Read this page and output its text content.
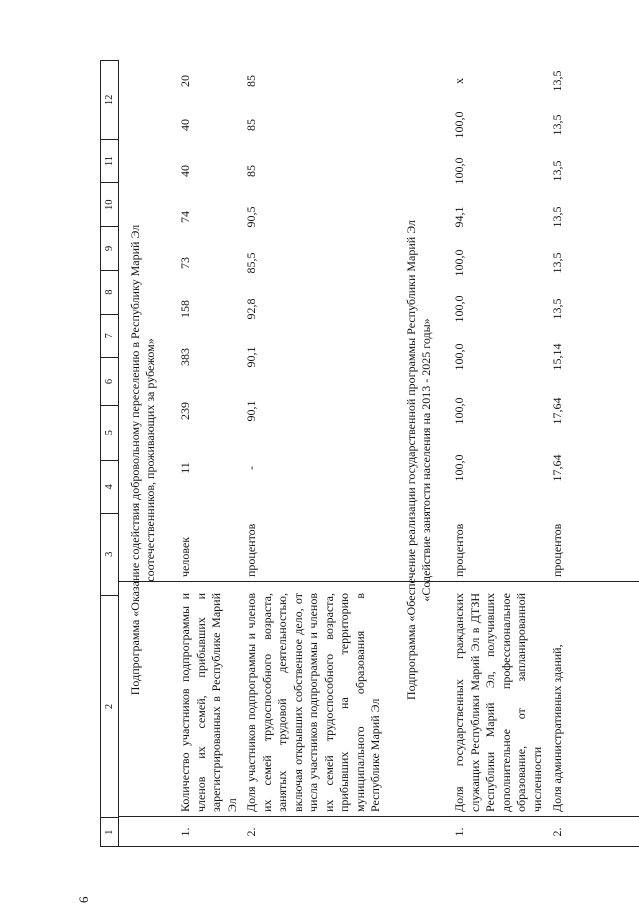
6
1
2
3
4
5
6
7
8
9
10
11
12
Подпрограмма «Оказание содействия добровольному переселению в Республику Марий Эл соотечественников, проживающих за рубежом»
1.
Количество участников подпрограммы и членов их семей, прибывших и зарегистрированных в Республике Марий Эл
человек
11
239
383
158
73
74
40
40
20
2.
Доля участников подпрограммы и членов их семей трудоспособного возраста, занятых трудовой деятельностью, включая открывших собственное дело, от числа участников подпрограммы и членов их семей трудоспособного возраста, прибывших на территорию муниципального образования в Республике Марий Эл
процентов
-
90,1
90,1
92,8
85,5
90,5
85
85
85
Подпрограмма «Обеспечение реализации государственной программы Республики Марий Эл «Содействие занятости населения на 2013 - 2025 годы»
1.
Доля государственных гражданских служащих Республики Марий Эл в ДТЗН Республики Марий Эл, получивших дополнительное профессиональное образование, от запланированной численности
процентов
100,0
100,0
100,0
100,0
100,0
94,1
100,0
100,0
x
2.
Доля административных зданий,
процентов
17,64
17,64
15,14
13,5
13,5
13,5
13,5
13,5
13,5
